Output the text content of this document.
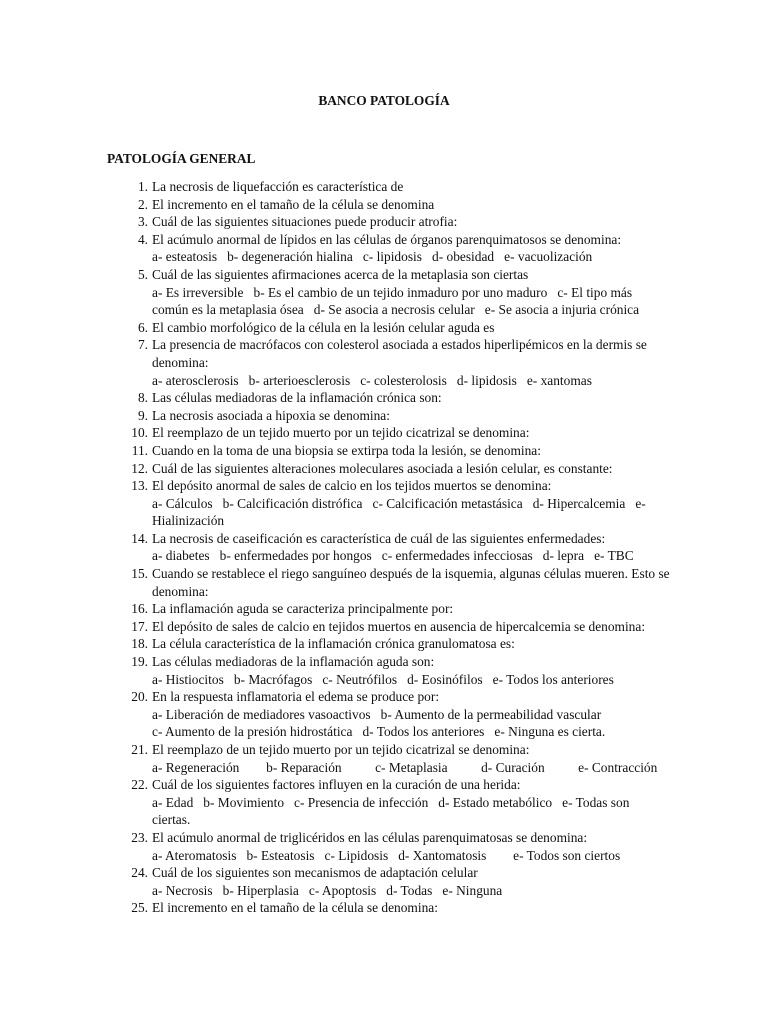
BANCO PATOLOGÍA
PATOLOGÍA GENERAL
1. La necrosis de liquefacción es característica de
2. El incremento en el tamaño de la célula se denomina
3. Cuál de las siguientes situaciones puede producir atrofia:
4. El acúmulo anormal de lípidos en las células de órganos parenquimatosos se denomina:
a- esteatosis   b- degeneración hialina   c- lipidosis   d- obesidad   e- vacuolización
5. Cuál de las siguientes afirmaciones acerca de la metaplasia son ciertas
a- Es irreversible   b- Es el cambio de un tejido inmaduro por uno maduro   c- El tipo más común es la metaplasia ósea   d- Se asocia a necrosis celular   e- Se asocia a injuria crónica
6. El cambio morfológico de la célula en la lesión celular aguda es
7. La presencia de macrófacos con colesterol asociada a estados hiperlipémicos en la dermis se denomina:
a- aterosclerosis   b- arterioesclerosis   c- colesterolosis   d- lipidosis   e- xantomas
8. Las células mediadoras de la inflamación crónica son:
9. La necrosis asociada a hipoxia se denomina:
10. El reemplazo de un tejido muerto por un tejido cicatrizal se denomina:
11. Cuando en la toma de una biopsia se extirpa toda la lesión, se denomina:
12. Cuál de las siguientes alteraciones moleculares asociada a lesión celular, es constante:
13. El depósito anormal de sales de calcio en los tejidos muertos se denomina:
a- Cálculos   b- Calcificación distrófica   c- Calcificación metastásica   d- Hipercalcemia   e- Hialinización
14. La necrosis de caseificación es característica de cuál de las siguientes enfermedades:
a- diabetes   b- enfermedades por hongos   c- enfermedades infecciosas   d- lepra   e- TBC
15. Cuando se restablece el riego sanguíneo después de la isquemia, algunas células mueren. Esto se denomina:
16. La inflamación aguda se caracteriza principalmente por:
17. El depósito de sales de calcio en tejidos muertos en ausencia de hipercalcemia se denomina:
18. La célula característica de la inflamación crónica granulomatosa es:
19. Las células mediadoras de la inflamación aguda son:
a- Histiocitos   b- Macrófagos   c- Neutrófilos   d- Eosinófilos   e- Todos los anteriores
20. En la respuesta inflamatoria el edema se produce por:
a- Liberación de mediadores vasoactivos   b- Aumento de la permeabilidad vascular
c- Aumento de la presión hidrostática   d- Todos los anteriores   e- Ninguna es cierta.
21. El reemplazo de un tejido muerto por un tejido cicatrizal se denomina:
a- Regeneración        b- Reparación          c- Metaplasia          d- Curación          e- Contracción
22. Cuál de los siguientes factores influyen en la curación de una herida:
a- Edad   b- Movimiento   c- Presencia de infección   d- Estado metabólico   e- Todas son ciertas.
23. El acúmulo anormal de triglicéridos en las células parenquimatosas se denomina:
a- Ateromatosis   b- Esteatosis   c- Lipidosis   d- Xantomatosis        e- Todos son ciertos
24. Cuál de los siguientes son mecanismos de adaptación celular
a- Necrosis   b- Hiperplasia   c- Apoptosis   d- Todas   e- Ninguna
25. El incremento en el tamaño de la célula se denomina:
